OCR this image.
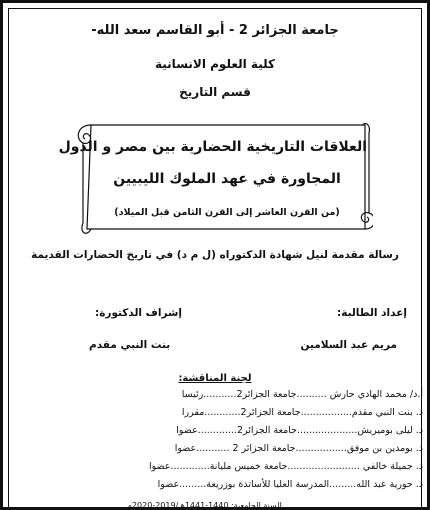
جامعة الجزائر 2 - أبو القاسم سعد الله-
كلية العلوم الانسانية
قسم التاريخ
العلاقات التاريخية الحضارية بين مصر و الدول
المجاورة في عهد الملوك الليبيين
(من القرن العاشر إلى القرن الثامن قبل الميلاد)
رسالة مقدمة لنيل شهادة الدكتوراه (ل م د) في تاريخ الحضارات القديمة
إعداد الطالبة:
مريم عبد السلامين
إشراف الدكتورة:
بنت النبي مقدم
لجنة المناقشة:
أ.د/ محمد الهادي حارش ..........جامعة الجزائر2...........رئيسا
د. بنت النبي مقدم.................جامعة الجزائر2............مقررا
د. ليلى بوميريش....................جامعة الجزائر2.............عضوا
د. بومدين بن موفق.................جامعة الجزائر 2 ...........عضوا
د. جميلة خالفي ........................جامعة خميس مليانة.............عضوا
د. حورية عبد الله.........المدرسة العليا للأساتذة بوزريعة.........عضوا
السنة الجامعية: 1440-1441هـ/2019-2020م
